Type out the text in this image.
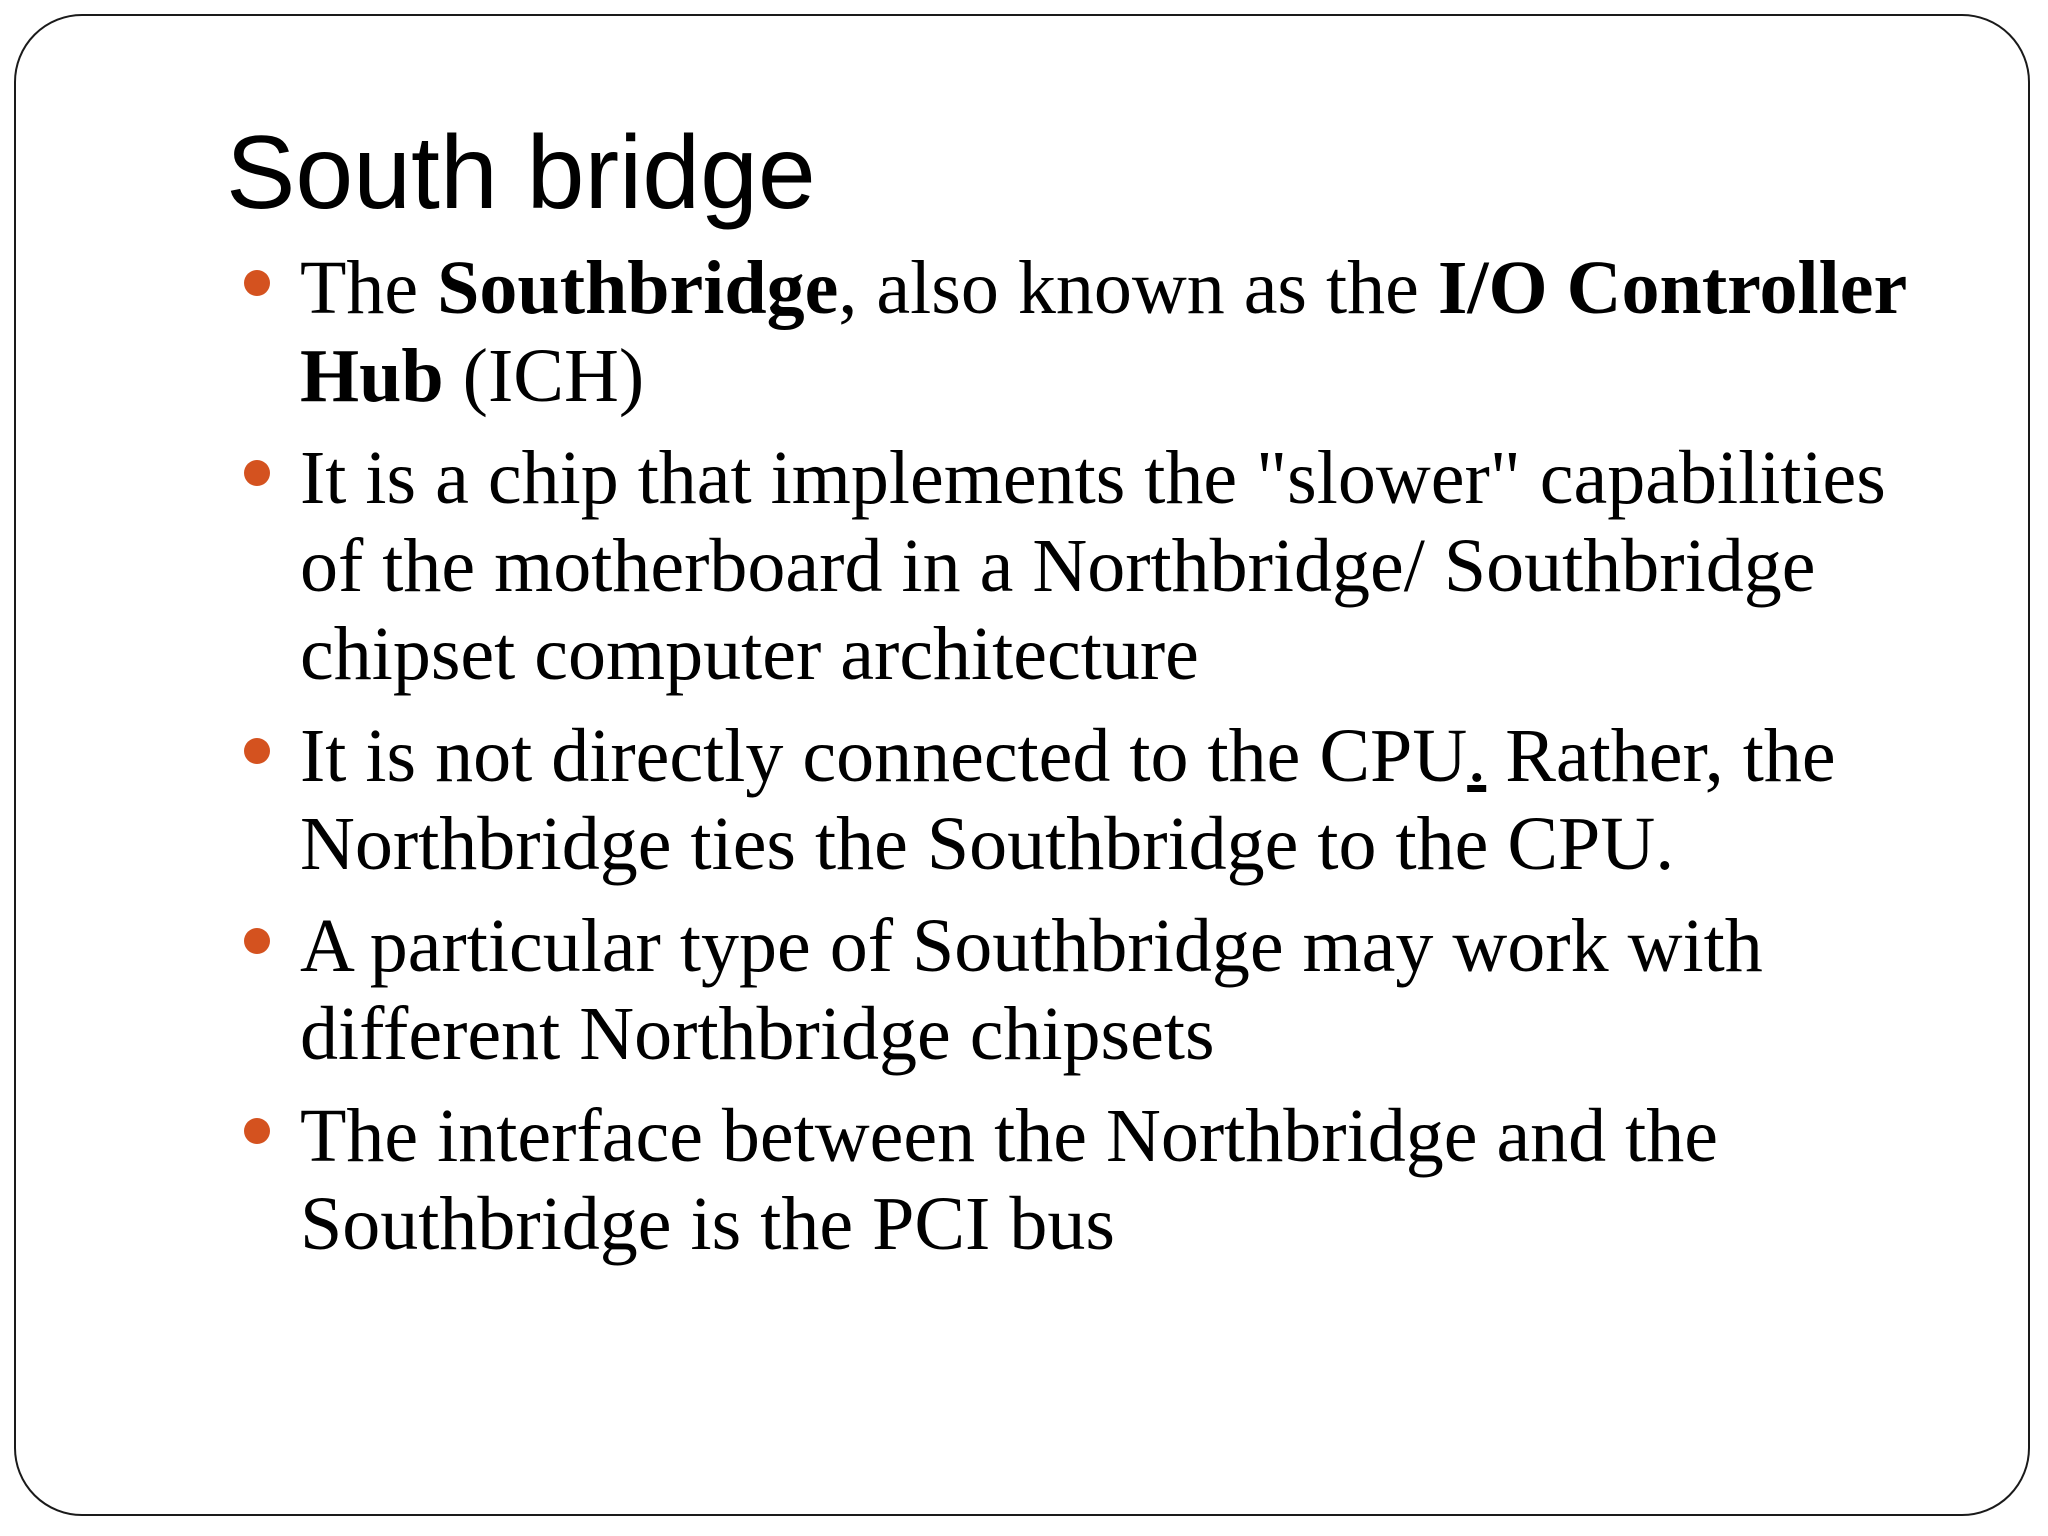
South bridge
The Southbridge, also known as the I/O Controller Hub (ICH)
It is a chip that implements the "slower" capabilities of the motherboard in a Northbridge/ Southbridge chipset computer architecture
It is not directly connected to the CPU. Rather, the Northbridge ties the Southbridge to the CPU.
A particular type of Southbridge may work with different Northbridge chipsets
The interface between the Northbridge and the Southbridge is the PCI bus
